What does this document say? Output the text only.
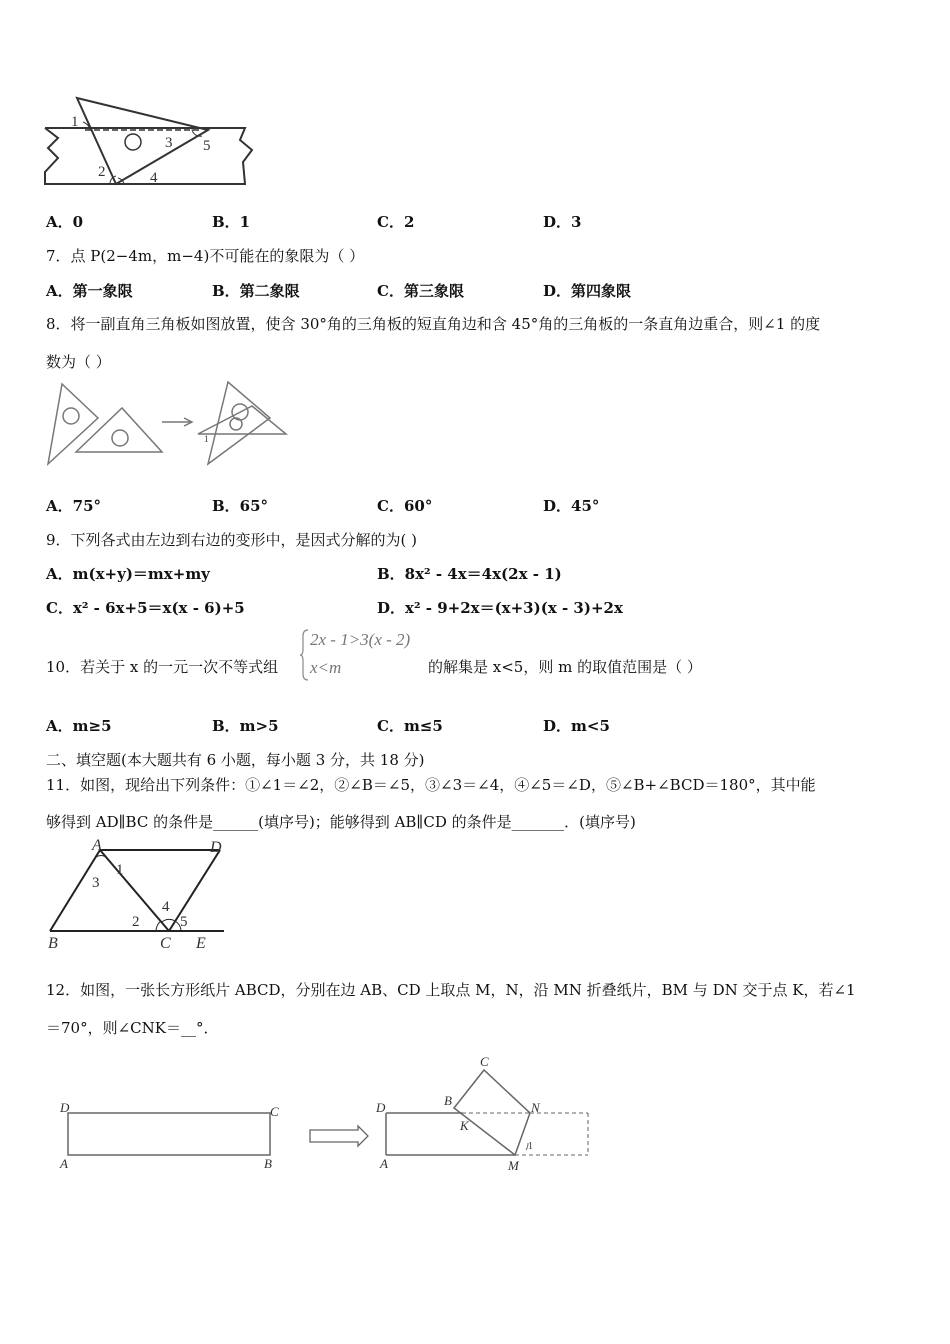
1
2
3
4
5
A．0	B．1	C．2	D．3
7．点 P(2−4m，m−4)不可能在的象限为（ ）
A．第一象限	B．第二象限	C．第三象限	D．第四象限
8．将一副直角三角板如图放置，使含 30°角的三角板的短直角边和含 45°角的三角板的一条直角边重合，则∠1 的度
数为（ ）
1
A．75°	B．65°	C．60°	D．45°
9．下列各式由左边到右边的变形中，是因式分解的为( )
A．m(x+y)＝mx+my	B．8x² - 4x＝4x(2x - 1)
C．x² - 6x+5＝x(x - 6)+5	D．x² - 9+2x＝(x+3)(x - 3)+2x
10．若关于 x 的一元一次不等式组
2x - 1>3(x - 2)
x<m	的解集是 x<5，则 m 的取值范围是（ ）
A．m≥5	B．m>5	C．m≤5	D．m<5
二、填空题(本大题共有 6 小题，每小题 3 分，共 18 分)
11．如图，现给出下列条件：①∠1＝∠2，②∠B＝∠5，③∠3＝∠4，④∠5＝∠D，⑤∠B+∠BCD＝180°，其中能
够得到 AD∥BC 的条件是______(填序号)；能够得到 AB∥CD 的条件是_______．(填序号)
A	D
1
3
4
2	5
B	C E
12．如图，一张长方形纸片 ABCD，分别在边 AB、CD 上取点 M，N，沿 MN 折叠纸片，BM 与 DN 交于点 K，若∠1
＝70°，则∠CNK＝__°．
D	C
A	B
C
D	B	N
K
1
A	M
